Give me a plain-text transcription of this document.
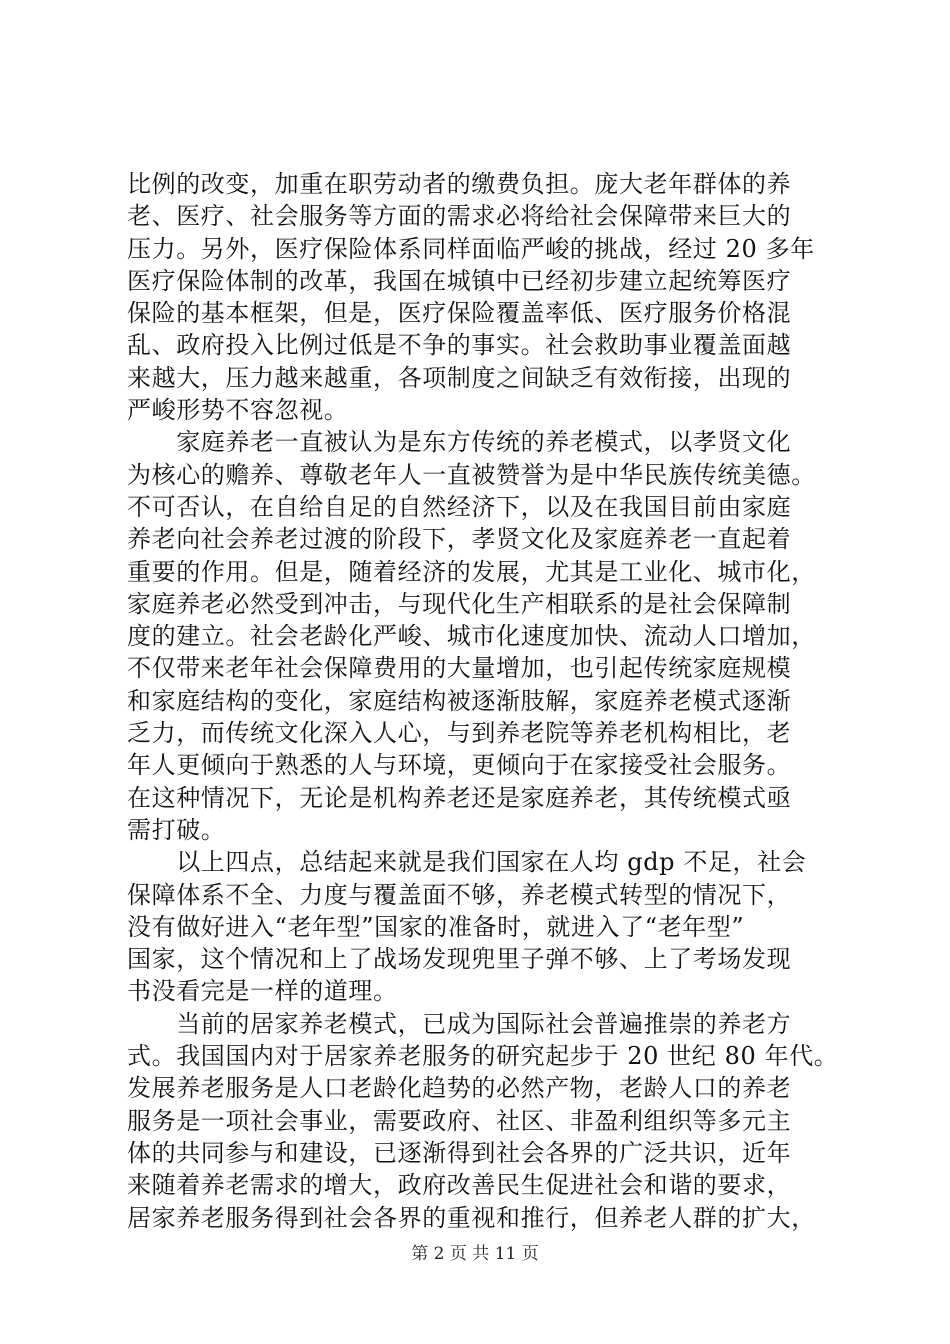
比例的改变，加重在职劳动者的缴费负担。庞大老年群体的养
老、医疗、社会服务等方面的需求必将给社会保障带来巨大的
压力。另外，医疗保险体系同样面临严峻的挑战，经过 20 多年
医疗保险体制的改革，我国在城镇中已经初步建立起统筹医疗
保险的基本框架，但是，医疗保险覆盖率低、医疗服务价格混
乱、政府投入比例过低是不争的事实。社会救助事业覆盖面越
来越大，压力越来越重，各项制度之间缺乏有效衔接，出现的
严峻形势不容忽视。
　　家庭养老一直被认为是东方传统的养老模式，以孝贤文化
为核心的赡养、尊敬老年人一直被赞誉为是中华民族传统美德。
不可否认，在自给自足的自然经济下，以及在我国目前由家庭
养老向社会养老过渡的阶段下，孝贤文化及家庭养老一直起着
重要的作用。但是，随着经济的发展，尤其是工业化、城市化，
家庭养老必然受到冲击，与现代化生产相联系的是社会保障制
度的建立。社会老龄化严峻、城市化速度加快、流动人口增加，
不仅带来老年社会保障费用的大量增加，也引起传统家庭规模
和家庭结构的变化，家庭结构被逐渐肢解，家庭养老模式逐渐
乏力，而传统文化深入人心，与到养老院等养老机构相比，老
年人更倾向于熟悉的人与环境，更倾向于在家接受社会服务。
在这种情况下，无论是机构养老还是家庭养老，其传统模式亟
需打破。
　　以上四点，总结起来就是我们国家在人均 gdp 不足，社会
保障体系不全、力度与覆盖面不够，养老模式转型的情况下，
没有做好进入“老年型”国家的准备时，就进入了“老年型”
国家，这个情况和上了战场发现兜里子弹不够、上了考场发现
书没看完是一样的道理。
　　当前的居家养老模式，已成为国际社会普遍推崇的养老方
式。我国国内对于居家养老服务的研究起步于 20 世纪 80 年代。
发展养老服务是人口老龄化趋势的必然产物，老龄人口的养老
服务是一项社会事业，需要政府、社区、非盈利组织等多元主
体的共同参与和建设，已逐渐得到社会各界的广泛共识，近年
来随着养老需求的增大，政府改善民生促进社会和谐的要求，
居家养老服务得到社会各界的重视和推行，但养老人群的扩大，
第 2 页 共 11 页
